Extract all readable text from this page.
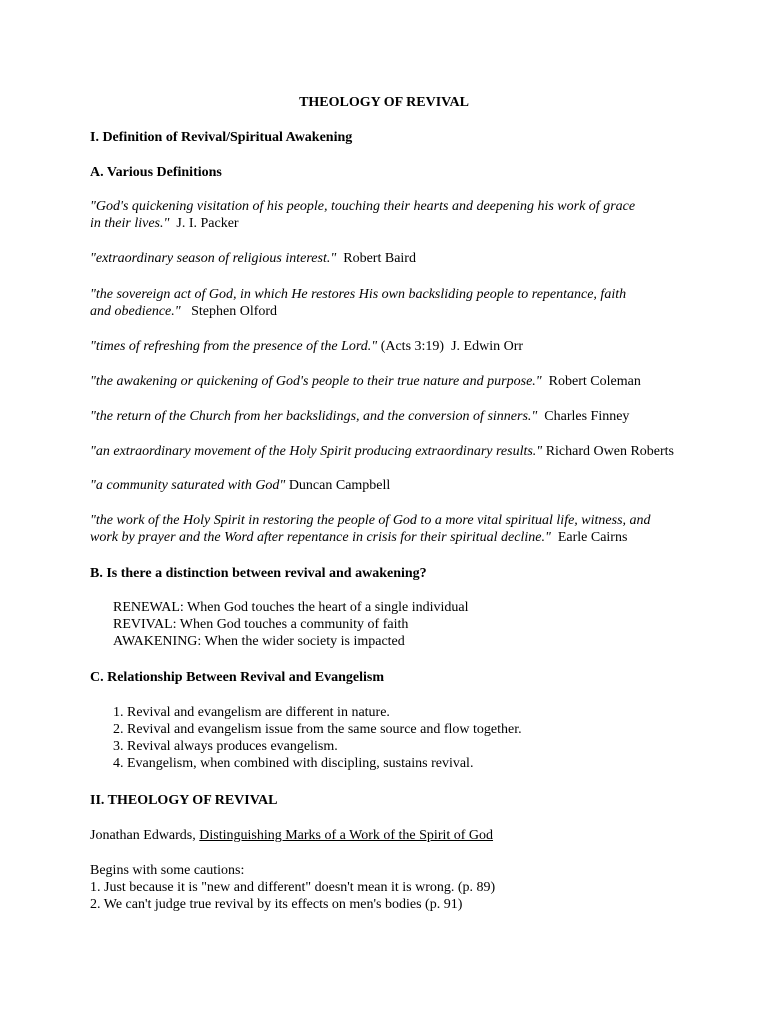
THEOLOGY OF REVIVAL
I. Definition of Revival/Spiritual Awakening
A. Various Definitions
"God's quickening visitation of his people, touching their hearts and deepening his work of grace
in their lives." J. I. Packer
"extraordinary season of religious interest." Robert Baird
"the sovereign act of God, in which He restores His own backsliding people to repentance, faith
and obedience." Stephen Olford
"times of refreshing from the presence of the Lord." (Acts 3:19) J. Edwin Orr
"the awakening or quickening of God's people to their true nature and purpose." Robert Coleman
"the return of the Church from her backslidings, and the conversion of sinners." Charles Finney
"an extraordinary movement of the Holy Spirit producing extraordinary results." Richard Owen Roberts
"a community saturated with God" Duncan Campbell
"the work of the Holy Spirit in restoring the people of God to a more vital spiritual life, witness, and
work by prayer and the Word after repentance in crisis for their spiritual decline." Earle Cairns
B. Is there a distinction between revival and awakening?
RENEWAL: When God touches the heart of a single individual
REVIVAL: When God touches a community of faith
AWAKENING: When the wider society is impacted
C. Relationship Between Revival and Evangelism
1. Revival and evangelism are different in nature.
2. Revival and evangelism issue from the same source and flow together.
3. Revival always produces evangelism.
4. Evangelism, when combined with discipling, sustains revival.
II. THEOLOGY OF REVIVAL
Jonathan Edwards, Distinguishing Marks of a Work of the Spirit of God
Begins with some cautions:
1. Just because it is "new and different" doesn't mean it is wrong. (p. 89)
2. We can't judge true revival by its effects on men's bodies (p. 91)
